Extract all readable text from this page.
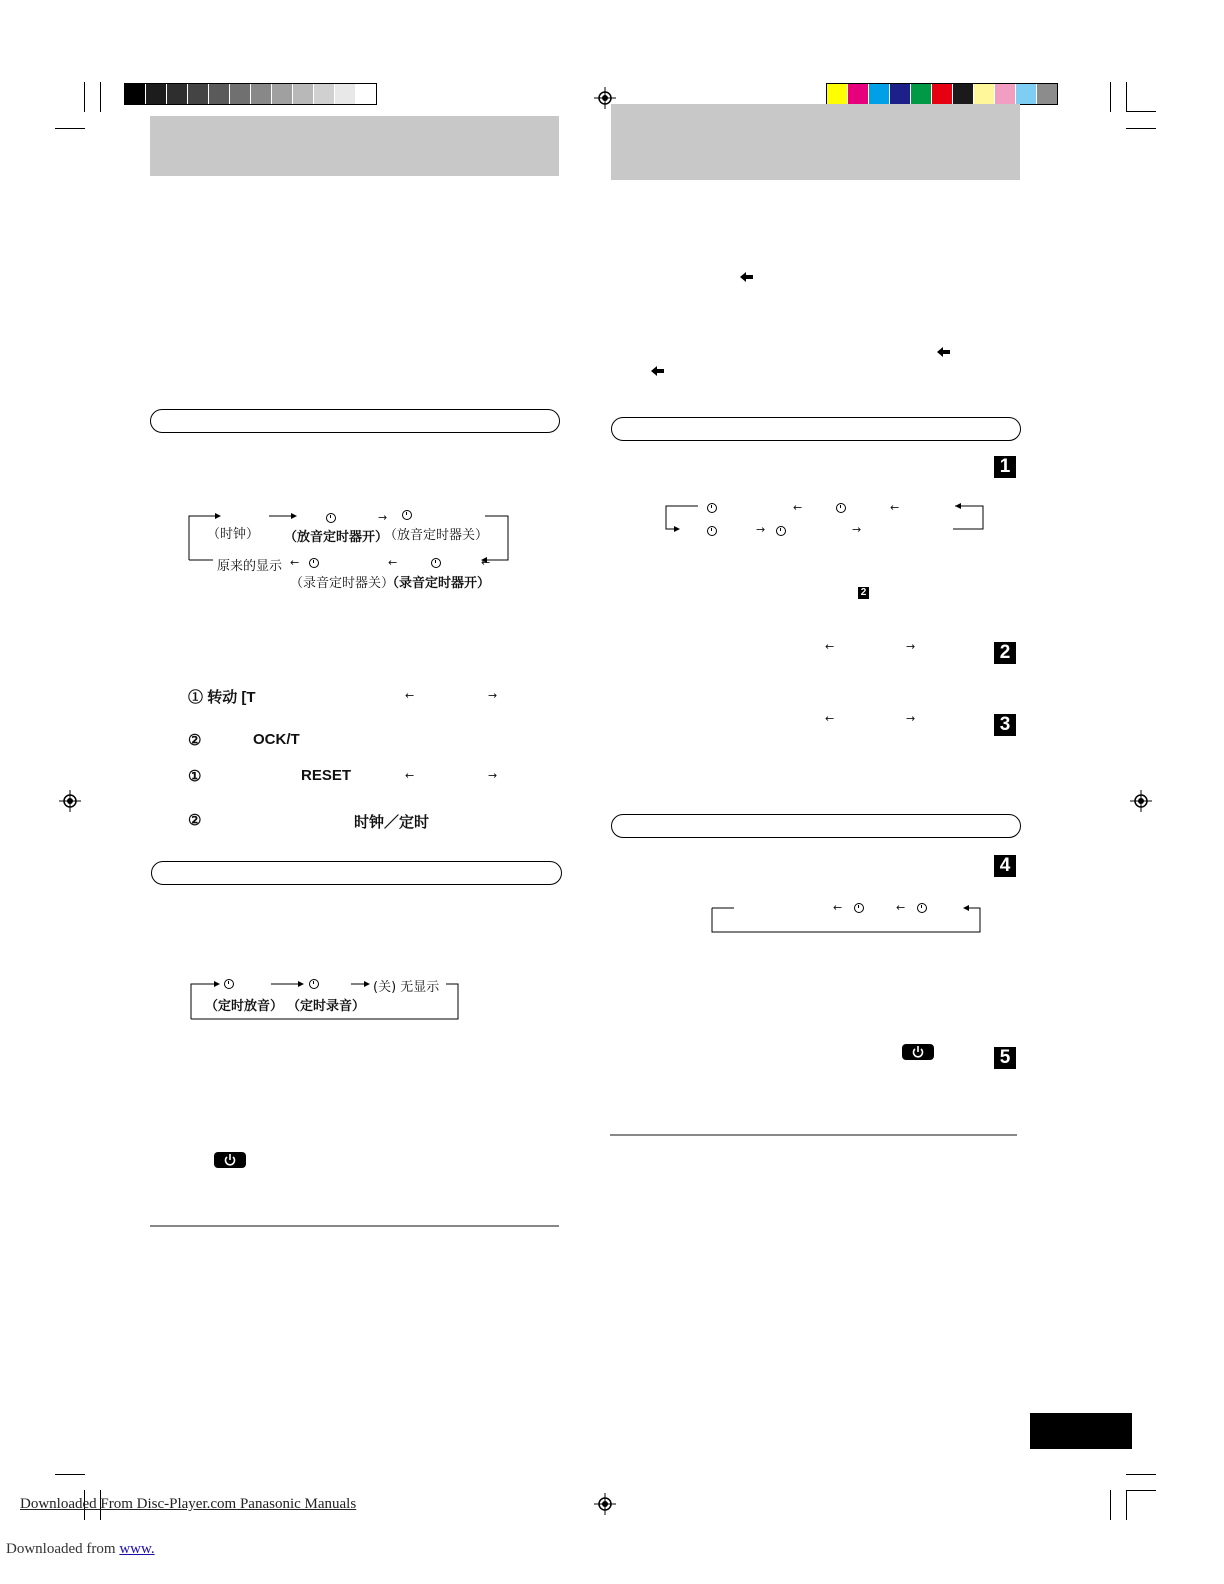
（时钟） （放音定时器开）
（放音定时器关）
原来的显示
（录音定时器关）
（录音定时器开）
→
←	←	←
① 转动 [T	←	→
②	OCK/T
①	RESET	←	→
②	时钟／定时
(关) 无显示
（定时放音） （定时录音）
1
←	←
→	→
2
←	→	2
←	→	3
4
←	←
5
Downloaded From Disc-Player.com Panasonic Manuals
Downloaded from www.
